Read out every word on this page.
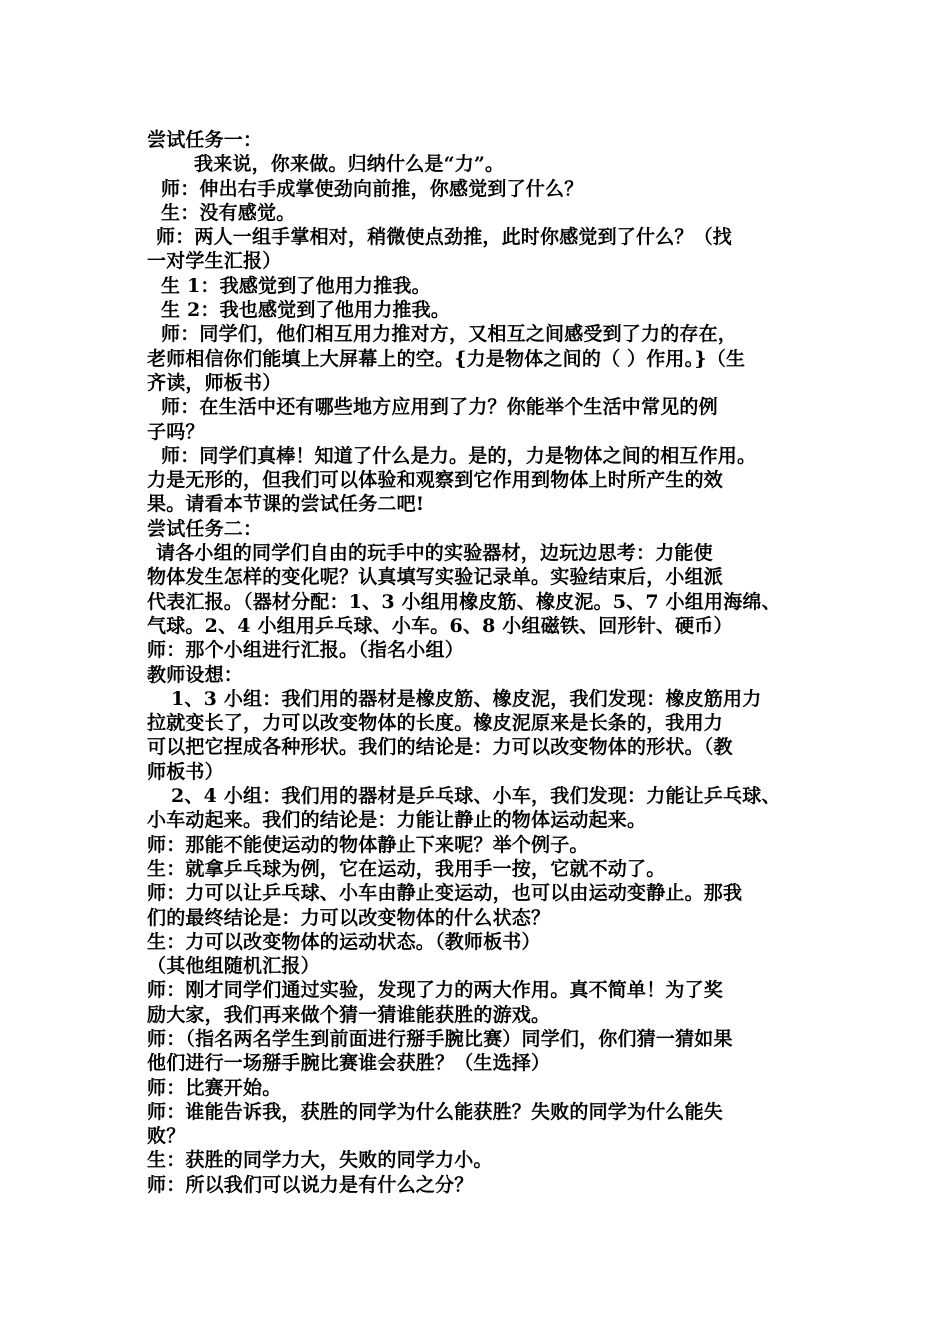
尝试任务一：
我来说，你来做。归纳什么是“力”。
师：伸出右手成掌使劲向前推，你感觉到了什么？
生：没有感觉。
师：两人一组手掌相对，稍微使点劲推，此时你感觉到了什么？（找
一对学生汇报）
生 1：我感觉到了他用力推我。
生 2：我也感觉到了他用力推我。
师：同学们，他们相互用力推对方，又相互之间感受到了力的存在，
老师相信你们能填上大屏幕上的空。{力是物体之间的（ ）作用。}（生
齐读，师板书）
师：在生活中还有哪些地方应用到了力？你能举个生活中常见的例
子吗？
师：同学们真棒！知道了什么是力。是的，力是物体之间的相互作用。
力是无形的，但我们可以体验和观察到它作用到物体上时所产生的效
果。请看本节课的尝试任务二吧!
尝试任务二：
请各小组的同学们自由的玩手中的实验器材，边玩边思考：力能使
物体发生怎样的变化呢？认真填写实验记录单。实验结束后，小组派
代表汇报。（器材分配：1、3 小组用橡皮筋、橡皮泥。5、7 小组用海绵、
气球。2、4 小组用乒乓球、小车。6、8 小组磁铁、回形针、硬币）
师：那个小组进行汇报。（指名小组）
教师设想：
1、3 小组：我们用的器材是橡皮筋、橡皮泥，我们发现：橡皮筋用力
拉就变长了，力可以改变物体的长度。橡皮泥原来是长条的，我用力
可以把它捏成各种形状。我们的结论是：力可以改变物体的形状。（教
师板书）
2、4 小组：我们用的器材是乒乓球、小车，我们发现：力能让乒乓球、
小车动起来。我们的结论是：力能让静止的物体运动起来。
师：那能不能使运动的物体静止下来呢？举个例子。
生：就拿乒乓球为例，它在运动，我用手一按，它就不动了。
师：力可以让乒乓球、小车由静止变运动，也可以由运动变静止。那我
们的最终结论是：力可以改变物体的什么状态？
生：力可以改变物体的运动状态。（教师板书）
（其他组随机汇报）
师：刚才同学们通过实验，发现了力的两大作用。真不简单！为了奖
励大家，我们再来做个猜一猜谁能获胜的游戏。
师：（指名两名学生到前面进行掰手腕比赛）同学们，你们猜一猜如果
他们进行一场掰手腕比赛谁会获胜？（生选择）
师：比赛开始。
师：谁能告诉我，获胜的同学为什么能获胜？失败的同学为什么能失
败？
生：获胜的同学力大，失败的同学力小。
师：所以我们可以说力是有什么之分？
